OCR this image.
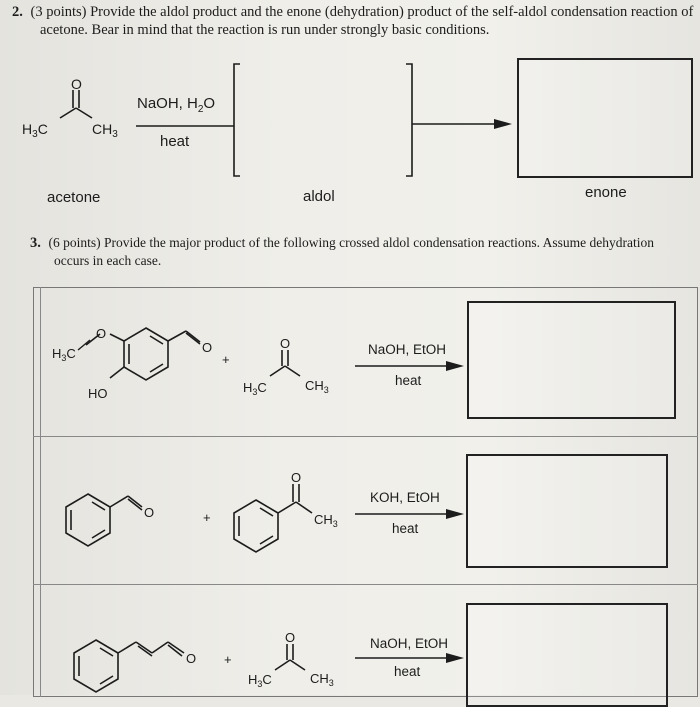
2. (3 points) Provide the aldol product and the enone (dehydration) product of the self-aldol condensation reaction of
acetone. Bear in mind that the reaction is run under strongly basic conditions.
O
$H_3C$	$CH_3$
NaOH, $H_2O$
heat
acetone	aldol	enone
3. (6 points) Provide the major product of the following crossed aldol condensation reactions. Assume dehydration
occurs in each case.
O
O
$H_3C$
HO
+
O
$H_3C$	$CH_3$
O	+
O
$CH_3$
O +
O
$H_3C$	$CH_3$
NaOH, EtOH
heat
KOH, EtOH
heat
NaOH, EtOH
heat
